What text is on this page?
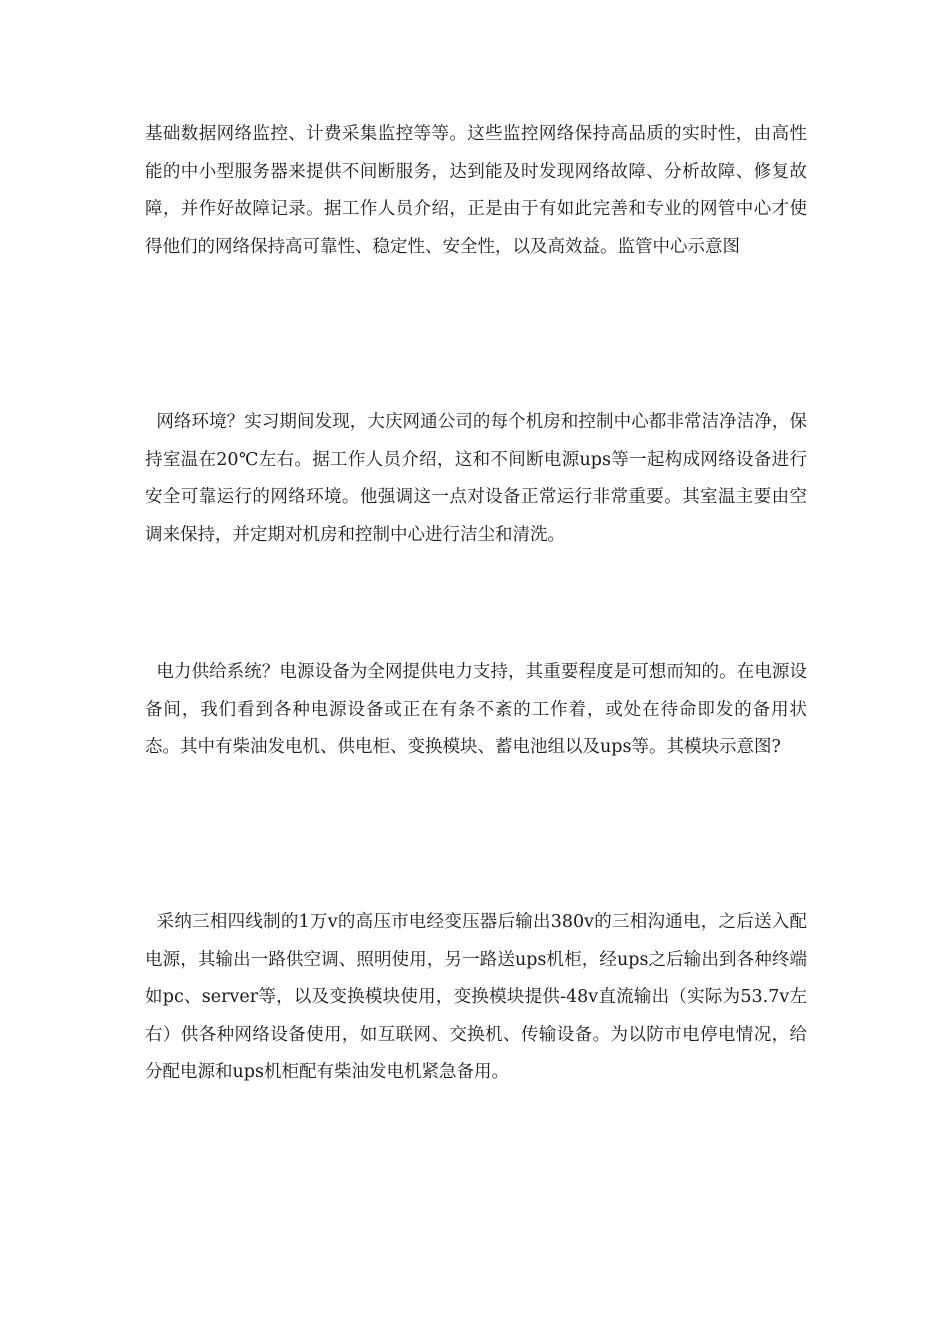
基础数据网络监控、计费采集监控等等。这些监控网络保持高品质的实时性，由高性能的中小型服务器来提供不间断服务，达到能及时发现网络故障、分析故障、修复故障，并作好故障记录。据工作人员介绍，正是由于有如此完善和专业的网管中心才使得他们的网络保持高可靠性、稳定性、安全性，以及高效益。监管中心示意图

网络环境？实习期间发现，大庆网通公司的每个机房和控制中心都非常洁净洁净，保持室温在20℃左右。据工作人员介绍，这和不间断电源ups等一起构成网络设备进行安全可靠运行的网络环境。他强调这一点对设备正常运行非常重要。其室温主要由空调来保持，并定期对机房和控制中心进行洁尘和清洗。

电力供给系统？电源设备为全网提供电力支持，其重要程度是可想而知的。在电源设备间，我们看到各种电源设备或正在有条不紊的工作着，或处在待命即发的备用状态。其中有柴油发电机、供电柜、变换模块、蓄电池组以及ups等。其模块示意图?

采纳三相四线制的1万v的高压市电经变压器后输出380v的三相沟通电，之后送入配电源，其输出一路供空调、照明使用，另一路送ups机柜，经ups之后输出到各种终端如pc、server等，以及变换模块使用，变换模块提供-48v直流输出（实际为53.7v左右）供各种网络设备使用，如互联网、交换机、传输设备。为以防市电停电情况，给分配电源和ups机柜配有柴油发电机紧急备用。
